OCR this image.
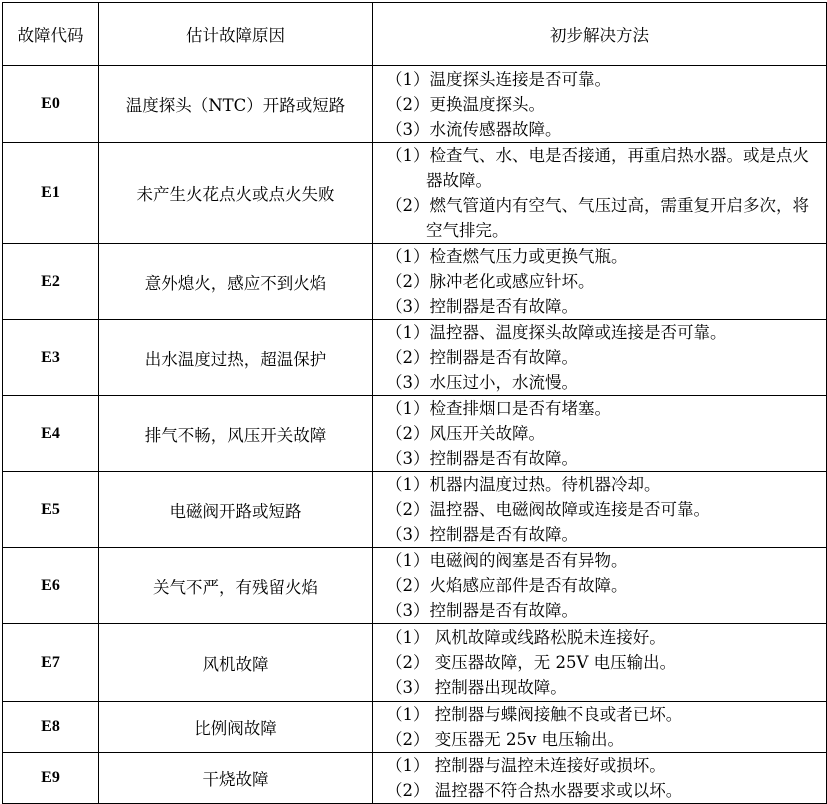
故障代码	估计故障原因	初步解决方法
E0	温度探头（NTC）开路或短路	（1）温度探头连接是否可靠。
（2）更换温度探头。
（3）水流传感器故障。

E1	未产生火花点火或点火失败	（1）检查气、水、电是否接通，再重启热水器。或是点火器故障。
（2）燃气管道内有空气、气压过高，需重复开启多次，将空气排完。

E2	意外熄火，感应不到火焰	（1）检查燃气压力或更换气瓶。
（2）脉冲老化或感应针坏。
（3）控制器是否有故障。

E3	出水温度过热，超温保护	（1）温控器、温度探头故障或连接是否可靠。
（2）控制器是否有故障。
（3）水压过小，水流慢。

E4	排气不畅，风压开关故障	（1）检查排烟口是否有堵塞。
（2）风压开关故障。
（3）控制器是否有故障。

E5	电磁阀开路或短路	（1）机器内温度过热。待机器冷却。
（2）温控器、电磁阀故障或连接是否可靠。
（3）控制器是否有故障。

E6	关气不严，有残留火焰	（1）电磁阀的阀塞是否有异物。
（2）火焰感应部件是否有故障。
（3）控制器是否有故障。

E7	风机故障	（1） 风机故障或线路松脱未连接好。
（2） 变压器故障，无 25V 电压输出。
（3） 控制器出现故障。

E8	比例阀故障	（1） 控制器与蝶阀接触不良或者已坏。
（2） 变压器无 25v 电压输出。

E9	干烧故障	（1） 控制器与温控未连接好或损坏。
（2） 温控器不符合热水器要求或以坏。
